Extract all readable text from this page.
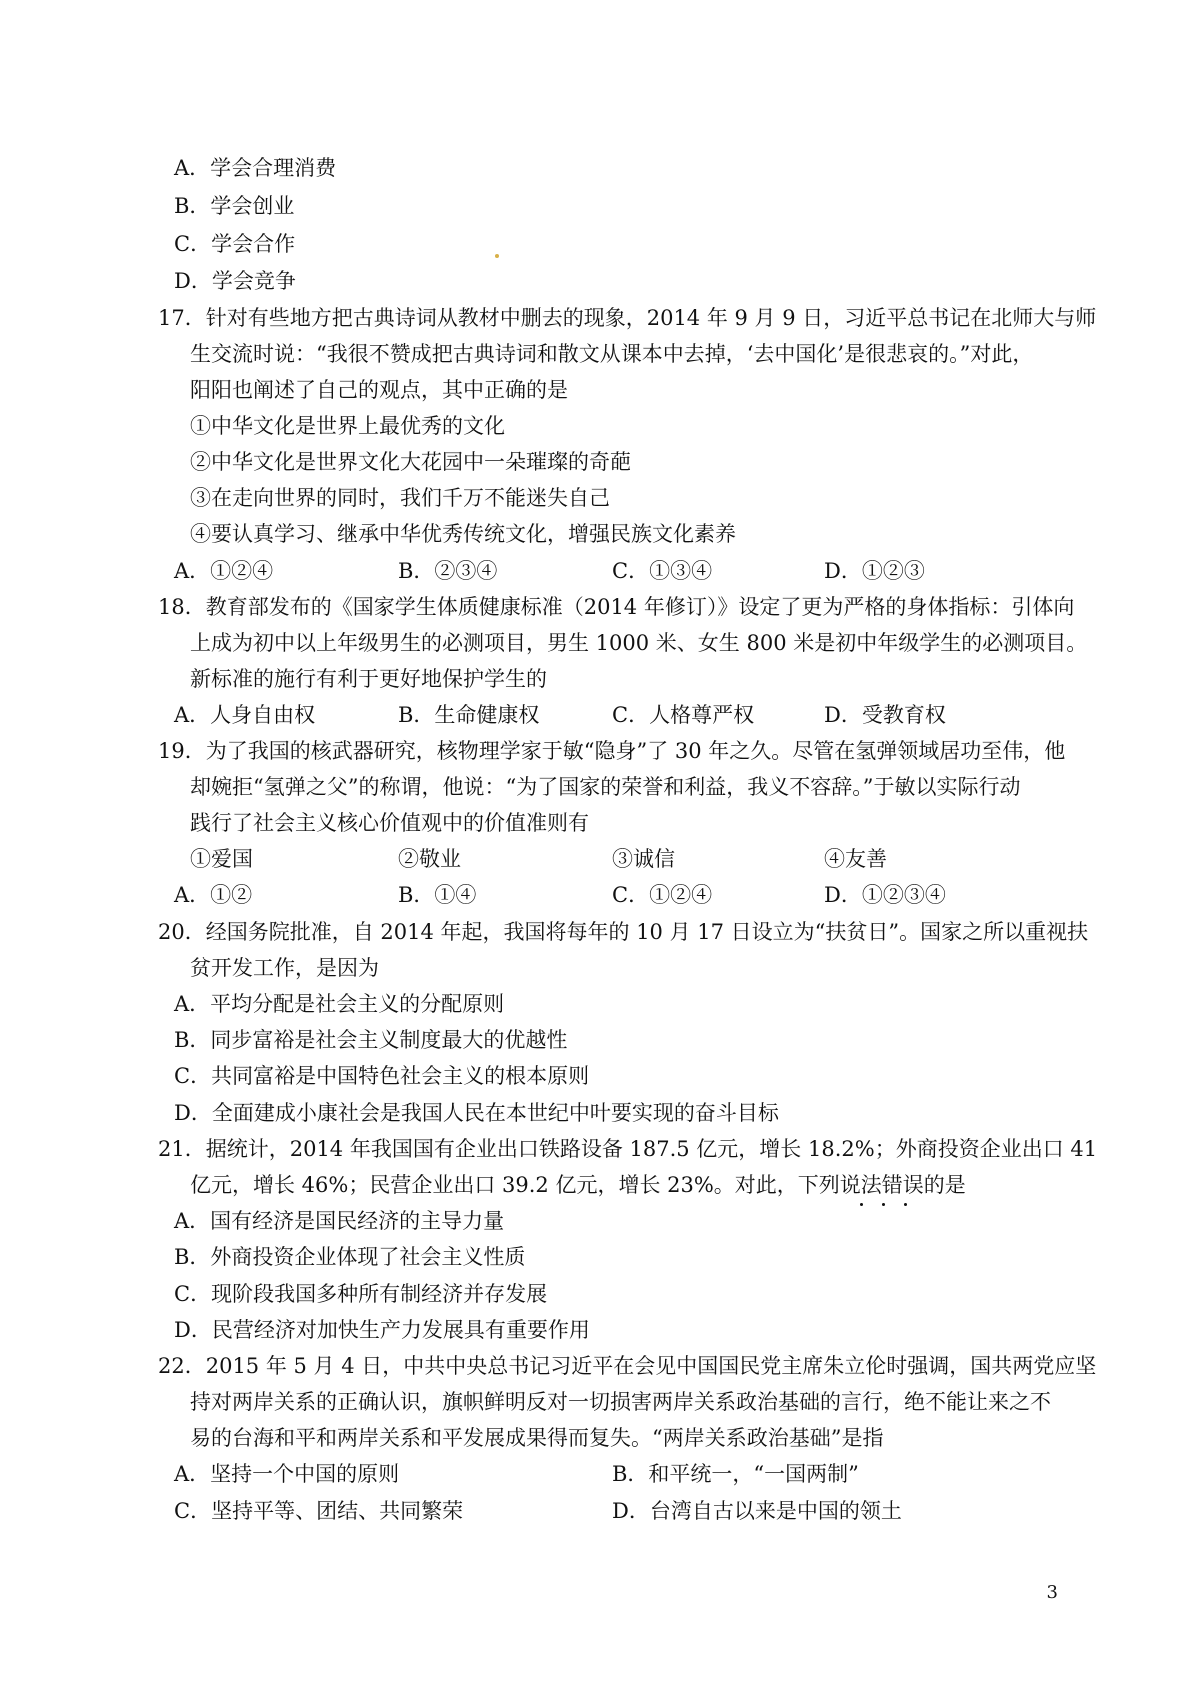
A．学会合理消费
B．学会创业
C．学会合作
D．学会竞争
17．针对有些地方把古典诗词从教材中删去的现象，2014 年 9 月 9 日，习近平总书记在北师大与师
生交流时说：“我很不赞成把古典诗词和散文从课本中去掉，‘去中国化’是很悲哀的。”对此，
阳阳也阐述了自己的观点，其中正确的是
①中华文化是世界上最优秀的文化
②中华文化是世界文化大花园中一朵璀璨的奇葩
③在走向世界的同时，我们千万不能迷失自己
④要认真学习、继承中华优秀传统文化，增强民族文化素养
A．①②④	B．②③④	C．①③④	D．①②③
18．教育部发布的《国家学生体质健康标准（2014 年修订）》设定了更为严格的身体指标：引体向
上成为初中以上年级男生的必测项目，男生 1000 米、女生 800 米是初中年级学生的必测项目。
新标准的施行有利于更好地保护学生的
A．人身自由权	B．生命健康权	C．人格尊严权	D．受教育权
19．为了我国的核武器研究，核物理学家于敏“隐身”了 30 年之久。尽管在氢弹领域居功至伟，他
却婉拒“氢弹之父”的称谓，他说：“为了国家的荣誉和利益，我义不容辞。”于敏以实际行动
践行了社会主义核心价值观中的价值准则有
①爱国	②敬业	③诚信	④友善
A．①②	B．①④	C．①②④	D．①②③④
20．经国务院批准，自 2014 年起，我国将每年的 10 月 17 日设立为“扶贫日”。国家之所以重视扶
贫开发工作，是因为
A．平均分配是社会主义的分配原则
B．同步富裕是社会主义制度最大的优越性
C．共同富裕是中国特色社会主义的根本原则
D．全面建成小康社会是我国人民在本世纪中叶要实现的奋斗目标
21．据统计，2014 年我国国有企业出口铁路设备 187.5 亿元，增长 18.2%；外商投资企业出口 41
亿元，增长 46%；民营企业出口 39.2 亿元，增长 23%。对此，下列说法错误的是
A．国有经济是国民经济的主导力量
B．外商投资企业体现了社会主义性质
C．现阶段我国多种所有制经济并存发展
D．民营经济对加快生产力发展具有重要作用
22．2015 年 5 月 4 日，中共中央总书记习近平在会见中国国民党主席朱立伦时强调，国共两党应坚
持对两岸关系的正确认识，旗帜鲜明反对一切损害两岸关系政治基础的言行，绝不能让来之不
易的台海和平和两岸关系和平发展成果得而复失。“两岸关系政治基础”是指
A．坚持一个中国的原则	B．和平统一，“一国两制”
C．坚持平等、团结、共同繁荣	D．台湾自古以来是中国的领土
3
